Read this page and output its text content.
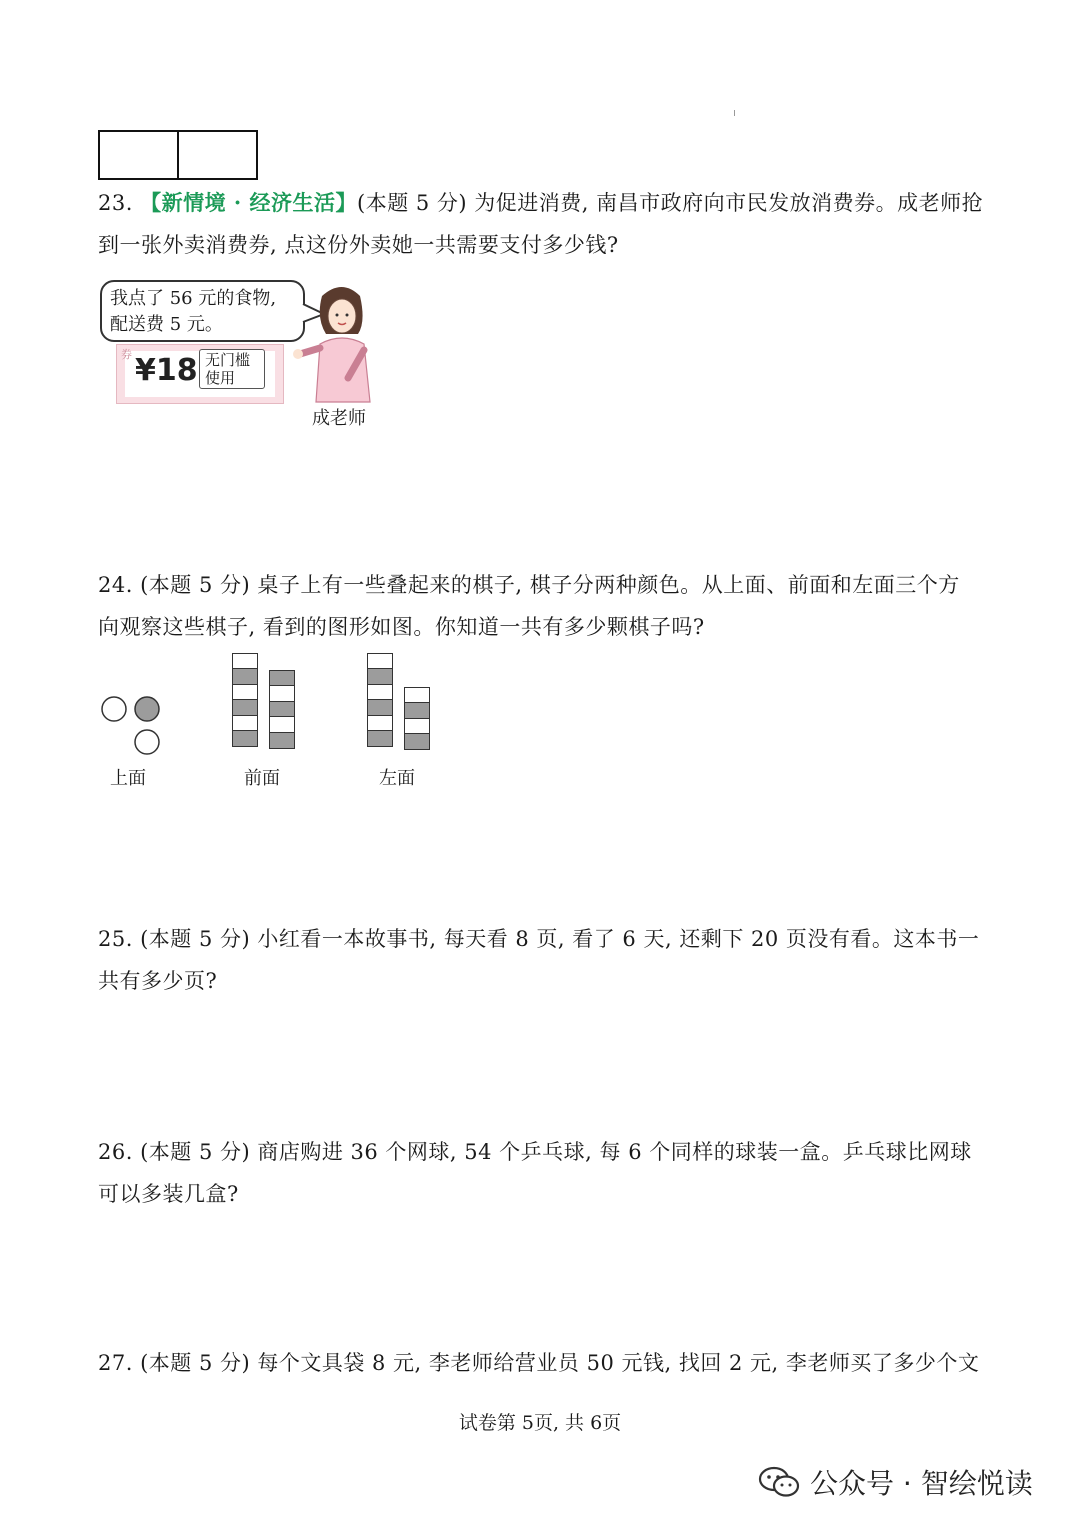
23. 【新情境 · 经济生活】(本题 5 分) 为促进消费, 南昌市政府向市民发放消费券。成老师抢
到一张外卖消费券, 点这份外卖她一共需要支付多少钱?
我点了 56 元的食物,
配送费 5 元。
券 ¥18 无门槛
使用
成老师
24. (本题 5 分) 桌子上有一些叠起来的棋子, 棋子分两种颜色。从上面、前面和左面三个方
向观察这些棋子, 看到的图形如图。你知道一共有多少颗棋子吗?
上面	前面	左面
25. (本题 5 分) 小红看一本故事书, 每天看 8 页, 看了 6 天, 还剩下 20 页没有看。这本书一
共有多少页?
26. (本题 5 分) 商店购进 36 个网球, 54 个乒乓球, 每 6 个同样的球装一盒。乒乓球比网球
可以多装几盒?
27. (本题 5 分) 每个文具袋 8 元, 李老师给营业员 50 元钱, 找回 2 元, 李老师买了多少个文
试卷第 5页, 共 6页
公众号 · 智绘悦读
